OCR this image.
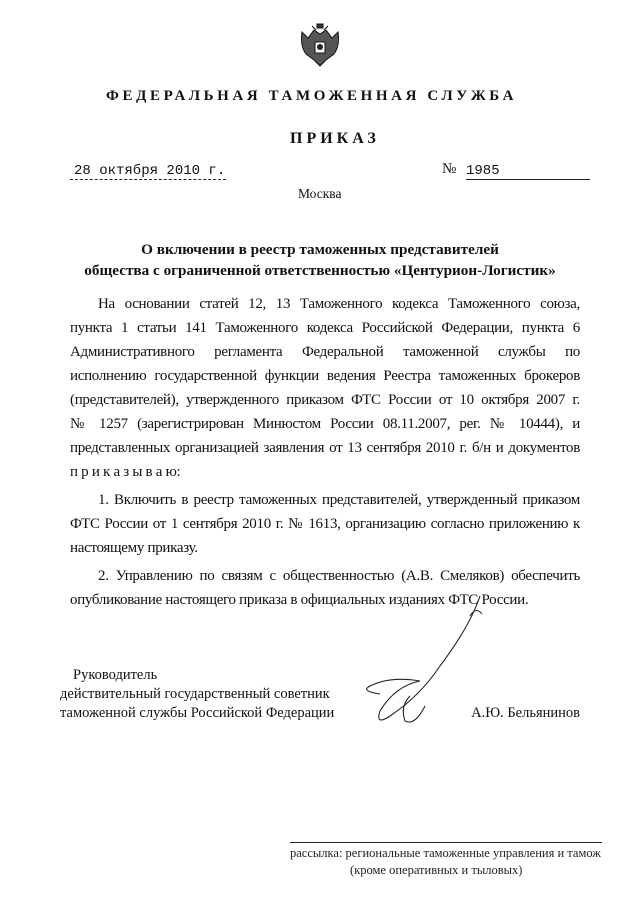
ФЕДЕРАЛЬНАЯ ТАМОЖЕННАЯ СЛУЖБА
ПРИКАЗ
28 октября 2010 г.	№ 1985
Москва
О включении в реестр таможенных представителей
общества с ограниченной ответственностью «Центурион-Логистик»
На основании статей 12, 13 Таможенного кодекса Таможенного союза,
пункта 1 статьи 141 Таможенного кодекса Российской Федерации, пункта 6
Административного регламента Федеральной таможенной службы по
исполнению государственной функции ведения Реестра таможенных брокеров
(представителей), утвержденного приказом ФТС России от 10 октября 2007 г.
№ 1257 (зарегистрирован Минюстом России 08.11.2007, рег. № 10444), и
представленных организацией заявления от 13 сентября 2010 г. б/н и документов
п р и к а з ы в а ю:
1. Включить в реестр таможенных представителей, утвержденный приказом
ФТС России от 1 сентября 2010 г. № 1613, организацию согласно приложению к
настоящему приказу.
2. Управлению по связям с общественностью (А.В. Смеляков) обеспечить
опубликование настоящего приказа в официальных изданиях ФТС России.
Руководитель
действительный государственный советник
таможенной службы Российской Федерации	А.Ю. Бельянинов
рассылка: региональные таможенные управления и тамож
(кроме оперативных и тыловых)
